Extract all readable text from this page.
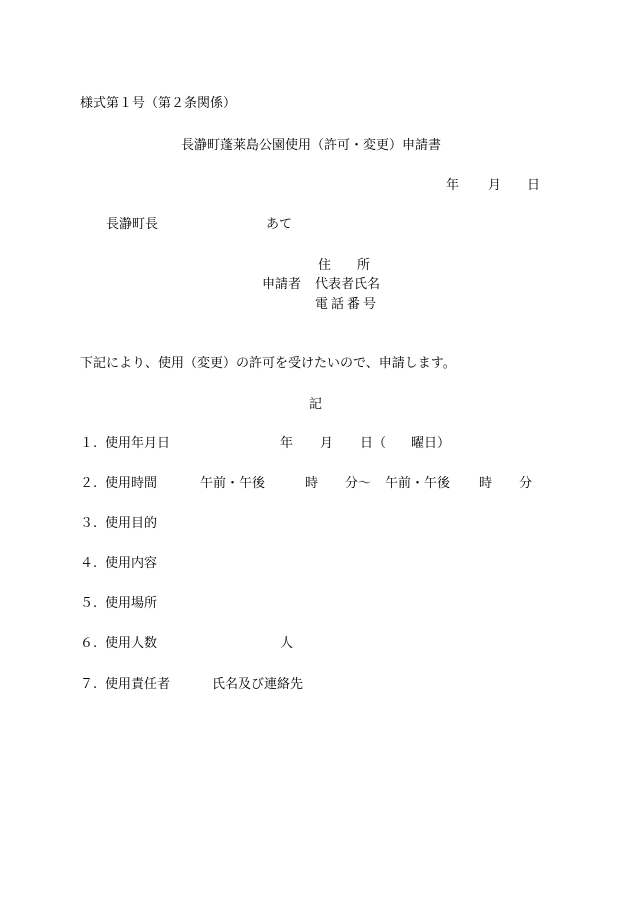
様式第１号（第２条関係）
長瀞町蓬莱島公園使用（許可・変更）申請書
年 月 日
長瀞町長	あて
住　　所
申請者 代表者氏名
電話番号
下記により、使用（変更）の許可を受けたいので、申請します。
記
１. 使用年月日	年 月 日（ 曜日）
２. 使用時間	午前・午後	時 分〜 午前・午後 時 分
３. 使用目的
４. 使用内容
５. 使用場所
６. 使用人数	人
７. 使用責任者	氏名及び連絡先
